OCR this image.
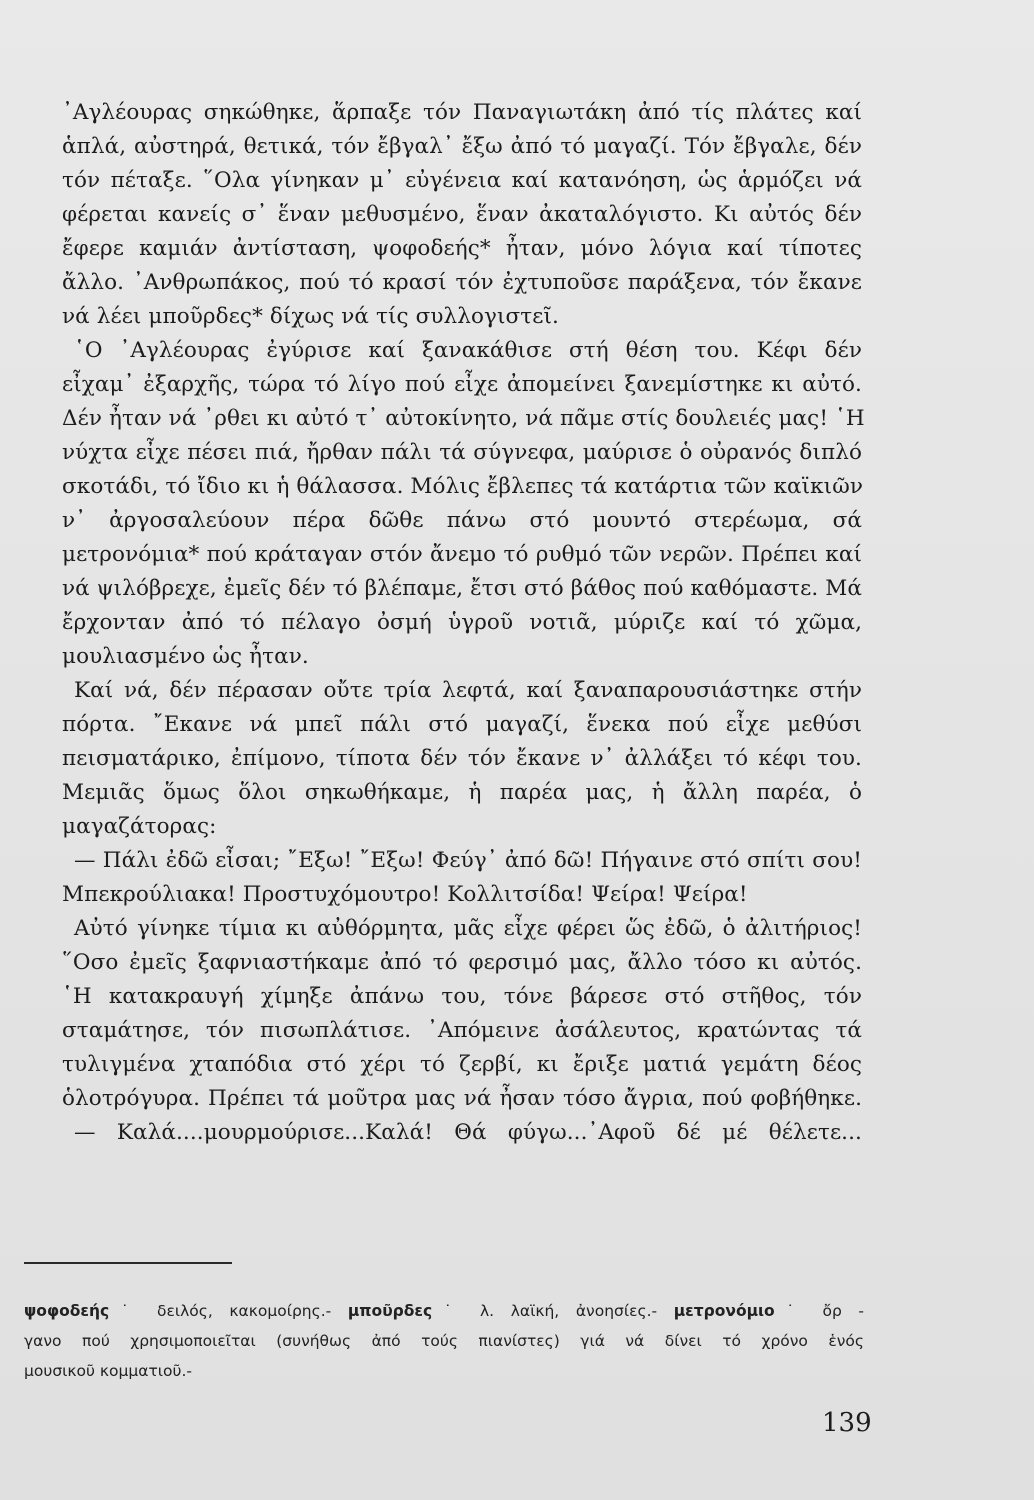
᾿Αγλέουρας σηκώθηκε, ἅρπαξε τόν Παναγιωτάκη ἀπό τίς πλάτες καί
ἁπλά, αὐστηρά, θετικά, τόν ἔβγαλ᾿ ἔξω ἀπό τό μαγαζί. Τόν ἔβγαλε, δέν
τόν πέταξε. ῞Ολα γίνηκαν μ᾿ εὐγένεια καί κατανόηση, ὡς ἁρμόζει νά
φέρεται κανείς σ᾿ ἕναν μεθυσμένο, ἕναν ἀκαταλόγιστο. Κι αὐτός δέν
ἔφερε καμιάν ἀντίσταση, ψοφοδεής* ἦταν, μόνο λόγια καί τίποτες
ἄλλο. ᾿Ανθρωπάκος, πού τό κρασί τόν ἐχτυποῦσε παράξενα, τόν ἔκανε
νά λέει μποῦρδες* δίχως νά τίς συλλογιστεῖ.
῾Ο ᾿Αγλέουρας ἐγύρισε καί ξανακάθισε στή θέση του. Κέφι δέν
εἶχαμ᾿ ἐξαρχῆς, τώρα τό λίγο πού εἶχε ἀπομείνει ξανεμίστηκε κι αὐτό.
Δέν ἦταν νά ᾿ρθει κι αὐτό τ᾿ αὐτοκίνητο, νά πᾶμε στίς δουλειές μας! ῾Η
νύχτα εἶχε πέσει πιά, ἤρθαν πάλι τά σύγνεφα, μαύρισε ὁ οὐρανός διπλό
σκοτάδι, τό ἴδιο κι ἡ θάλασσα. Μόλις ἔβλεπες τά κατάρτια τῶν καϊκιῶν
ν᾿ ἀργοσαλεύουν πέρα δῶθε πάνω στό μουντό στερέωμα, σά
μετρονόμια* πού κράταγαν στόν ἄνεμο τό ρυθμό τῶν νερῶν. Πρέπει καί
νά ψιλόβρεχε, ἐμεῖς δέν τό βλέπαμε, ἔτσι στό βάθος πού καθόμαστε. Μά
ἔρχονταν ἀπό τό πέλαγο ὀσμή ὑγροῦ νοτιᾶ, μύριζε καί τό χῶμα,
μουλιασμένο ὡς ἦταν.
Καί νά, δέν πέρασαν οὔτε τρία λεφτά, καί ξαναπαρουσιάστηκε στήν
πόρτα. ῎Εκανε νά μπεῖ πάλι στό μαγαζί, ἕνεκα πού εἶχε μεθύσι
πεισματάρικο, ἐπίμονο, τίποτα δέν τόν ἔκανε ν᾿ ἀλλάξει τό κέφι του.
Μεμιᾶς ὅμως ὅλοι σηκωθήκαμε, ἡ παρέα μας, ἡ ἄλλη παρέα, ὁ
μαγαζάτορας:
— Πάλι ἐδῶ εἶσαι; ῎Εξω! ῎Εξω! Φεύγ᾿ ἀπό δῶ! Πήγαινε στό σπίτι σου!
Μπεκρούλιακα! Προστυχόμουτρο! Κολλιτσίδα! Ψείρα! Ψείρα!
Αὐτό γίνηκε τίμια κι αὐθόρμητα, μᾶς εἶχε φέρει ὥς ἐδῶ, ὁ ἀλιτήριος!
῞Οσο ἐμεῖς ξαφνιαστήκαμε ἀπό τό φερσιμό μας, ἄλλο τόσο κι αὐτός.
῾Η κατακραυγή χίμηξε ἀπάνω του, τόνε βάρεσε στό στῆθος, τόν
σταμάτησε, τόν πισωπλάτισε. ᾿Απόμεινε ἀσάλευτος, κρατώντας τά
τυλιγμένα χταπόδια στό χέρι τό ζερβί, κι ἔριξε ματιά γεμάτη δέος
ὁλοτρόγυρα. Πρέπει τά μοῦτρα μας νά ἦσαν τόσο ἄγρια, πού φοβήθηκε.
— Καλά....μουρμούρισε...Καλά! Θά φύγω...᾿Αφοῦ δέ μέ θέλετε...
ψοφοδεής˙ δειλός, κακομοίρης.- μποῦρδες˙ λ. λαϊκή, ἀνοησίες.- μετρονόμιο˙ ὄρ -
γανο πού χρησιμοποιεῖται (συνήθως ἀπό τούς πιανίστες) γιά νά δίνει τό χρόνο ἑνός
μουσικοῦ κομματιοῦ.-
139
